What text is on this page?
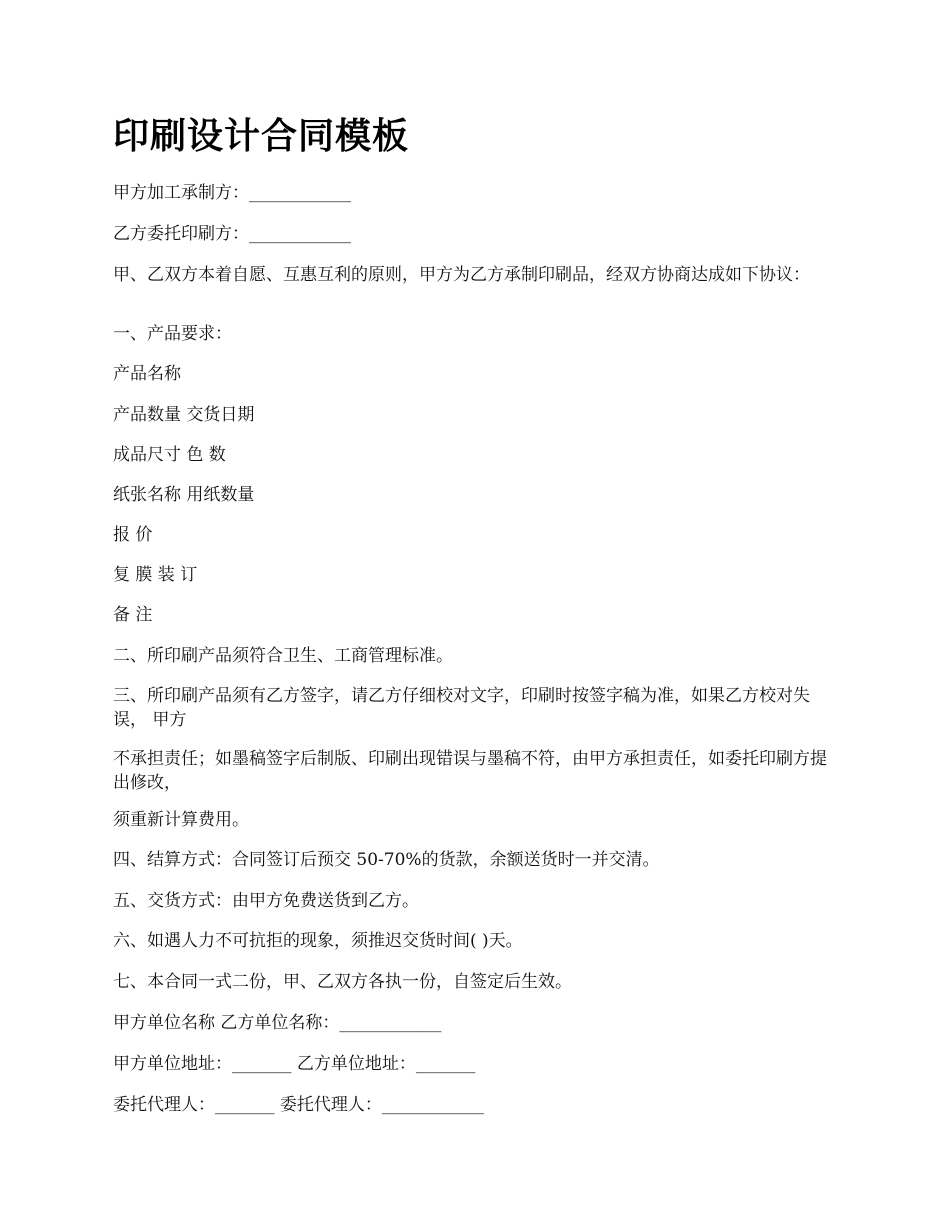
印刷设计合同模板

甲方加工承制方：____________

乙方委托印刷方：____________

甲、乙双方本着自愿、互惠互利的原则，甲方为乙方承制印刷品，经双方协商达成如下协议：

一、产品要求：

产品名称

产品数量 交货日期

成品尺寸 色 数

纸张名称 用纸数量

报 价

复 膜 装 订

备 注

二、所印刷产品须符合卫生、工商管理标准。

三、所印刷产品须有乙方签字，请乙方仔细校对文字，印刷时按签字稿为准，如果乙方校对失 误， 甲方

不承担责任；如墨稿签字后制版、印刷出现错误与墨稿不符，由甲方承担责任，如委托印刷方提出修改，

须重新计算费用。

四、结算方式：合同签订后预交 50-70%的货款，余额送货时一并交清。

五、交货方式：由甲方免费送货到乙方。

六、如遇人力不可抗拒的现象，须推迟交货时间( )天。

七、本合同一式二份，甲、乙双方各执一份，自签定后生效。

甲方单位名称 乙方单位名称：____________

甲方单位地址：_______ 乙方单位地址：_______

委托代理人：_______ 委托代理人：____________
